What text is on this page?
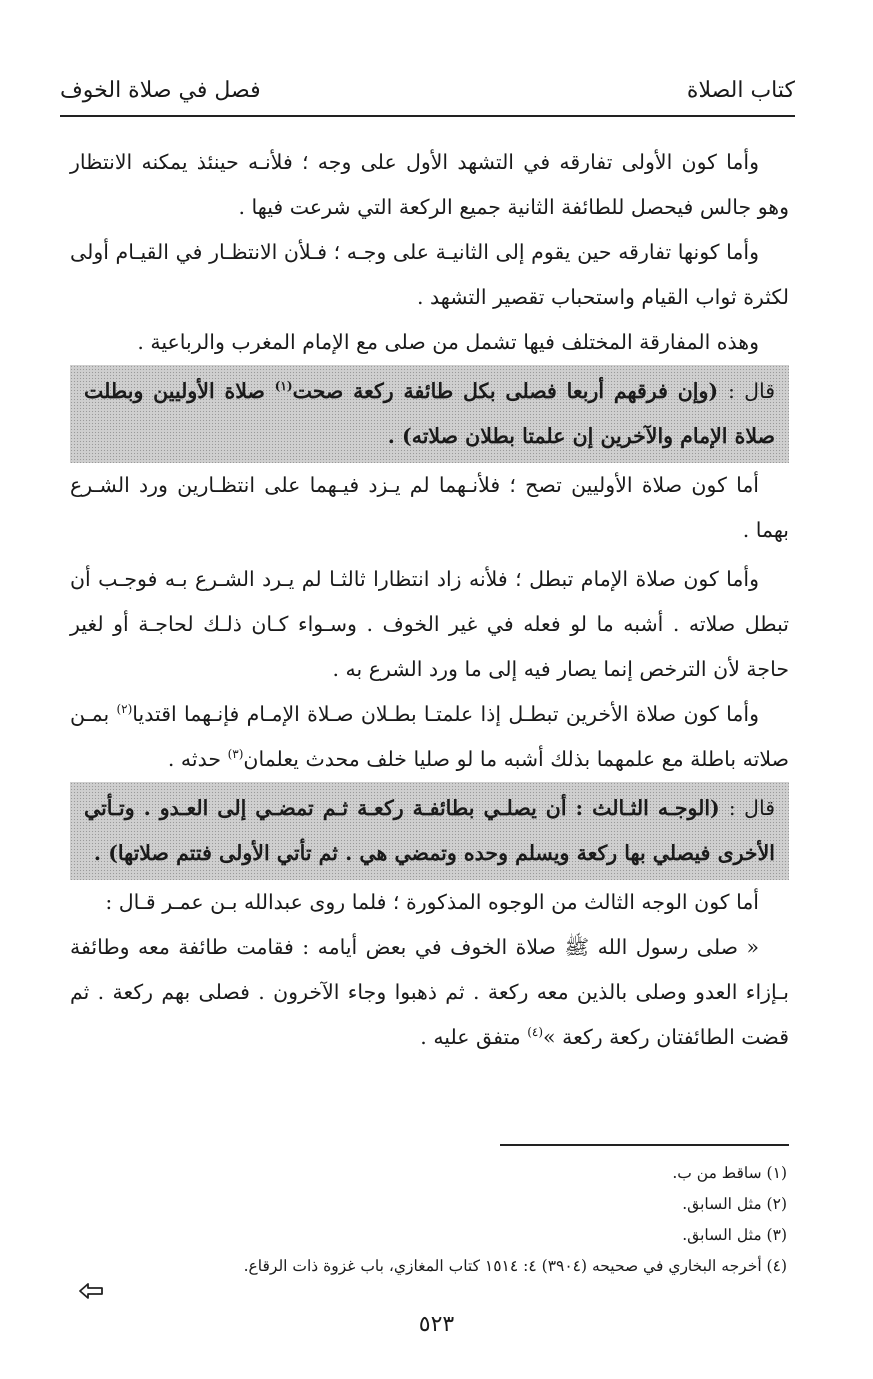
كتاب الصلاة
فصل في صلاة الخوف

وأما كون الأولى تفارقه في التشهد الأول على وجه ؛ فلأنـه حينئذ يمكنه الانتظار وهو جالس فيحصل للطائفة الثانية جميع الركعة التي شرعت فيها .

وأما كونها تفارقه حين يقوم إلى الثانيـة على وجـه ؛ فـلأن الانتظـار في القيـام أولى لكثرة ثواب القيام واستحباب تقصير التشهد .

وهذه المفارقة المختلف فيها تشمل من صلى مع الإمام المغرب والرباعية .

قال : (وإن فرقهم أربعا فصلى بكل طائفة ركعة صحت$^{(١)}$ صلاة الأوليين وبطلت صلاة الإمام والآخرين إن علمتا بطلان صلاته) .

أما كون صلاة الأوليين تصح ؛ فلأنـهما لم يـزد فيـهما على انتظـارين ورد الشـرع بهما .

وأما كون صلاة الإمام تبطل ؛ فلأنه زاد انتظارا ثالثـا لم يـرد الشـرع بـه فوجـب أن تبطل صلاته . أشبه ما لو فعله في غير الخوف . وسـواء كـان ذلـك لحاجـة أو لغير حاجة لأن الترخص إنما يصار فيه إلى ما ورد الشرع به .

وأما كون صلاة الأخرين تبطـل إذا علمتـا بطـلان صـلاة الإمـام فإنـهما اقتديا$^{(٢)}$ بمـن صلاته باطلة مع علمهما بذلك أشبه ما لو صليا خلف محدث يعلمان$^{(٣)}$ حدثه .

قال : (الوجـه الثـالث : أن يصلـي بطائفـة ركعـة ثـم تمضـي إلى العـدو . وتـأتي الأخرى فيصلي بها ركعة ويسلم وحده وتمضي هي . ثم تأتي الأولى فتتم صلاتها) .

أما كون الوجه الثالث من الوجوه المذكورة ؛ فلما روى عبدالله بـن عمـر قـال :

« صلى رسول الله ﷺ صلاة الخوف في بعض أيامه : فقامت طائفة معه وطائفة بـإزاء العدو وصلى بالذين معه ركعة . ثم ذهبوا وجاء الآخرون . فصلى بهم ركعة . ثم قضت الطائفتان ركعة ركعة »$^{(٤)}$ متفق عليه .

(١) ساقط من ب.
(٢) مثل السابق.
(٣) مثل السابق.
(٤) أخرجه البخاري في صحيحه (٣٩٠٤) ٤: ١٥١٤ كتاب المغازي، باب غزوة ذات الرقاع.
٥٢٣
